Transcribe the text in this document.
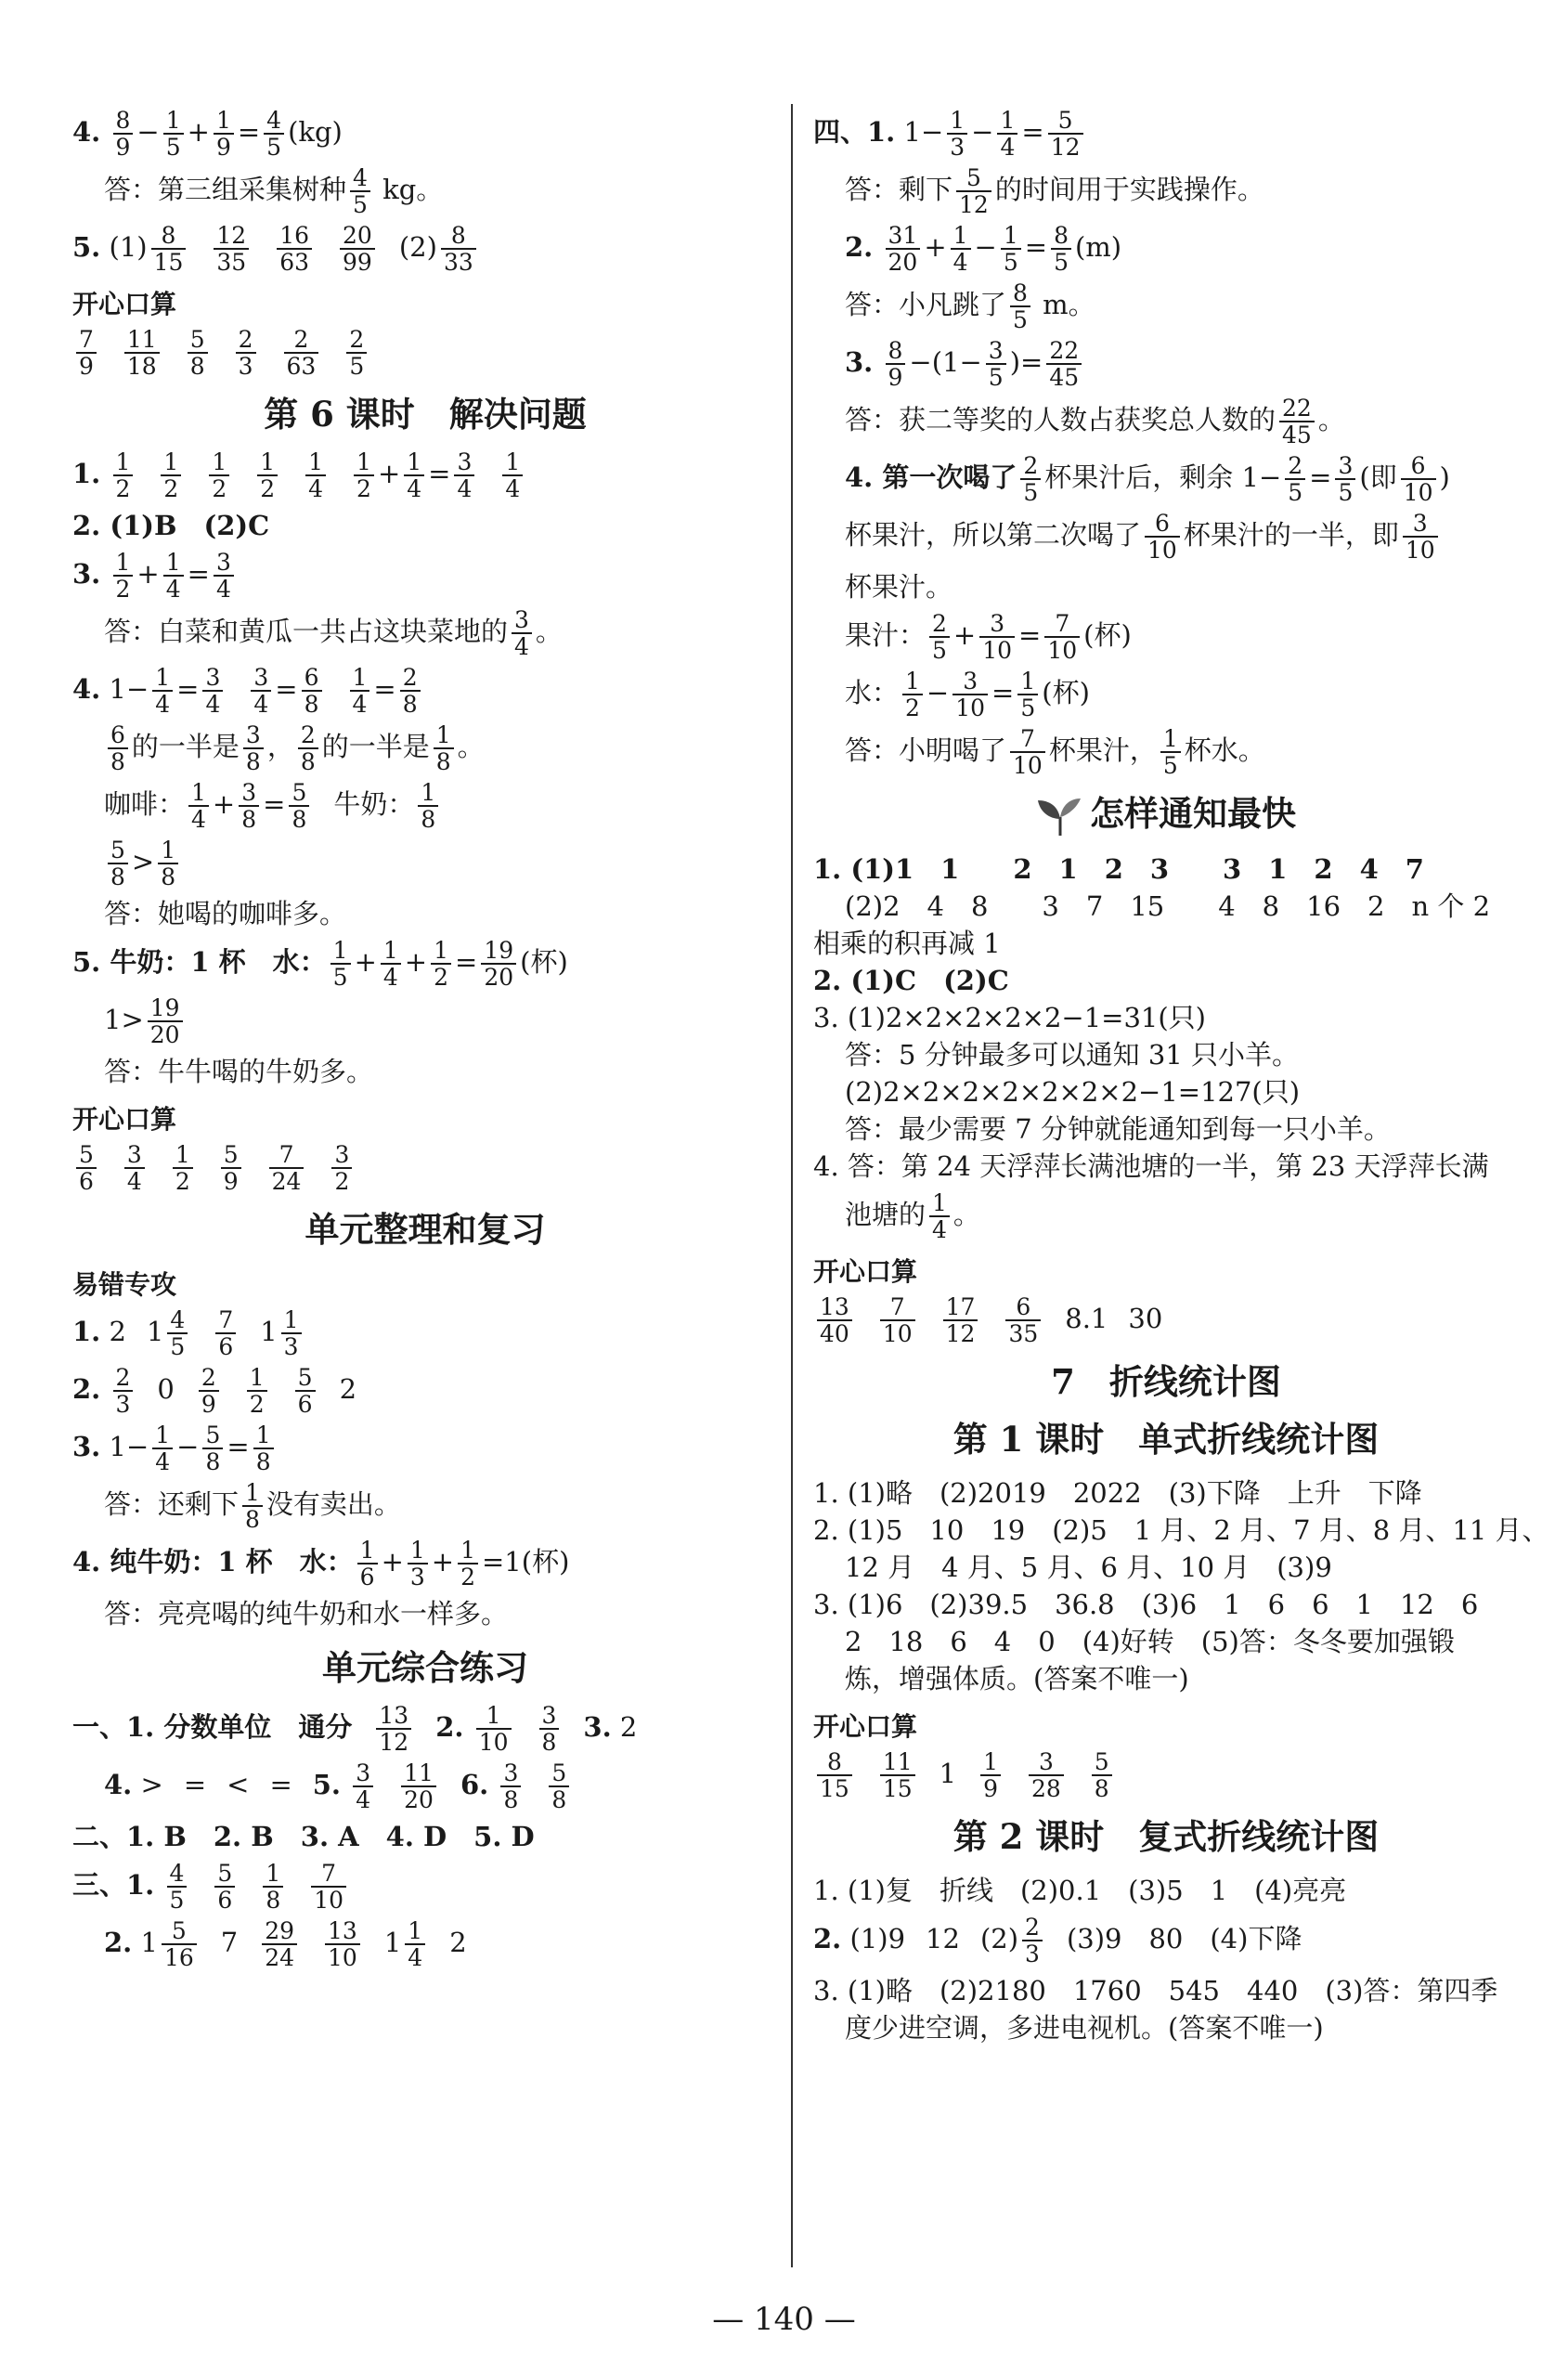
4. $\frac{8}{9} - \frac{1}{5} + \frac{1}{9} = \frac{4}{5} (kg)$
答：第三组采集树种 $\frac{4}{5}$ kg。
5. $(1) \frac{8}{15} \frac{12}{35} \frac{16}{63} \frac{20}{99} (2) \frac{8}{33}$
开心口算
$\frac{7}{9} \frac{11}{18} \frac{5}{8} \frac{2}{3} \frac{2}{63} \frac{2}{5}$
第 6 课时　解决问题
1. $\frac{1}{2} \frac{1}{2} \frac{1}{2} \frac{1}{2} \frac{1}{4} \frac{1}{2} + \frac{1}{4} = \frac{3}{4} \frac{1}{4}$
2. (1)B　(2)C
3. $\frac{1}{2} + \frac{1}{4} = \frac{3}{4}$
答：白菜和黄瓜一共占这块菜地的 $\frac{3}{4}$ 。
4. $1- \frac{1}{4} = \frac{3}{4} \frac{3}{4} = \frac{6}{8} \frac{1}{4} = \frac{2}{8}$
$\frac{6}{8}$ 的一半是 $\frac{3}{8}$ ， $\frac{2}{8}$ 的一半是 $\frac{1}{8}$ 。
咖啡： $\frac{1}{4} + \frac{3}{8} = \frac{5}{8}$ 牛奶： $\frac{1}{8}$
$\frac{5}{8} > \frac{1}{8}$
答：她喝的咖啡多。
5. 牛奶：1 杯　水： $\frac{1}{5} + \frac{1}{4} + \frac{1}{2} = \frac{19}{20}$ (杯)
$1> \frac{19}{20}$
答：牛牛喝的牛奶多。
开心口算
$\frac{5}{6} \frac{3}{4} \frac{1}{2} \frac{5}{9} \frac{7}{24} \frac{3}{2}$
单元整理和复习
易错专攻
1. 2 $1 \frac{4}{5} \frac{7}{6} 1 \frac{1}{3}$
2. $\frac{2}{3} 0 \frac{2}{9} \frac{1}{2} \frac{5}{6} 2$
3. $1- \frac{1}{4} - \frac{5}{8} = \frac{1}{8}$
答：还剩下 $\frac{1}{8}$ 没有卖出。
4. 纯牛奶：1 杯　水： $\frac{1}{6} + \frac{1}{3} + \frac{1}{2} =1$(杯)
答：亮亮喝的纯牛奶和水一样多。
单元综合练习
一、1. 分数单位　通分 $\frac{13}{12} 2$. $\frac{1}{10} \frac{3}{8} 3$. 2
4. > = < = 5. $\frac{3}{4} \frac{11}{20} 6$. $\frac{3}{8} \frac{5}{8}$
二、1. B　2. B　3. A　4. D　5. D
三、1. $\frac{4}{5} \frac{5}{6} \frac{1}{8} \frac{7}{10}$
2. $1 \frac{5}{16} 7 \frac{29}{24} \frac{13}{10} 1 \frac{1}{4} 2$
四、1. $1- \frac{1}{3} - \frac{1}{4} = \frac{5}{12}$
答：剩下 $\frac{5}{12}$ 的时间用于实践操作。
2. $\frac{31}{20} + \frac{1}{4} - \frac{1}{5} = \frac{8}{5} (m)$
答：小凡跳了 $\frac{8}{5}$ m。
3. $\frac{8}{9} -(1- \frac{3}{5}$ )= $\frac{22}{45}$
答：获二等奖的人数占获奖总人数的 $\frac{22}{45}$ 。
4. 第一次喝了 $\frac{2}{5}$ 杯果汁后，剩余 $1- \frac{2}{5} = \frac{3}{5}$ (即 $\frac{6}{10}$ )
杯果汁，所以第二次喝了 $\frac{6}{10}$ 杯果汁的一半，即 $\frac{3}{10}$
杯果汁。
果汁： $\frac{2}{5} + \frac{3}{10} = \frac{7}{10}$ (杯)
水： $\frac{1}{2} - \frac{3}{10} = \frac{1}{5}$ (杯)
答：小明喝了 $\frac{7}{10}$ 杯果汁， $\frac{1}{5}$ 杯水。
怎样通知最快
1. (1)1　1　　2　1　2　3　　3　1　2　4　7
(2)2　4　8　　3　7　15　　4　8　16　2　n 个 2
相乘的积再减 1
2. (1)C　(2)C
3. (1)2×2×2×2×2−1=31(只)
答：5 分钟最多可以通知 31 只小羊。
(2)2×2×2×2×2×2×2−1=127(只)
答：最少需要 7 分钟就能通知到每一只小羊。
4. 答：第 24 天浮萍长满池塘的一半，第 23 天浮萍长满
池塘的 $\frac{1}{4}$ 。
开心口算
$\frac{13}{40} \frac{7}{10} \frac{17}{12} \frac{6}{35} 8.1$ 30
7　折线统计图
第 1 课时　单式折线统计图
1. (1)略　(2)2019　2022　(3)下降　上升　下降
2. (1)5　10　19　(2)5　1 月、2 月、7 月、8 月、11 月、
12 月　4 月、5 月、6 月、10 月　(3)9
3. (1)6　(2)39.5　36.8　(3)6　1　6　6　1　12　6
2　18　6　4　0　(4)好转　(5)答：冬冬要加强锻
炼，增强体质。(答案不唯一)
开心口算
$\frac{8}{15} \frac{11}{15} 1 \frac{1}{9} \frac{3}{28} \frac{5}{8}$
第 2 课时　复式折线统计图
1. (1)复　折线　(2)0.1　(3)5　1　(4)亮亮
2. (1)9 12 $(2) \frac{2}{3} (3)9$　80　(4)下降
3. (1)略　(2)2180　1760　545　440　(3)答：第四季
度少进空调，多进电视机。(答案不唯一)
— 140 —
